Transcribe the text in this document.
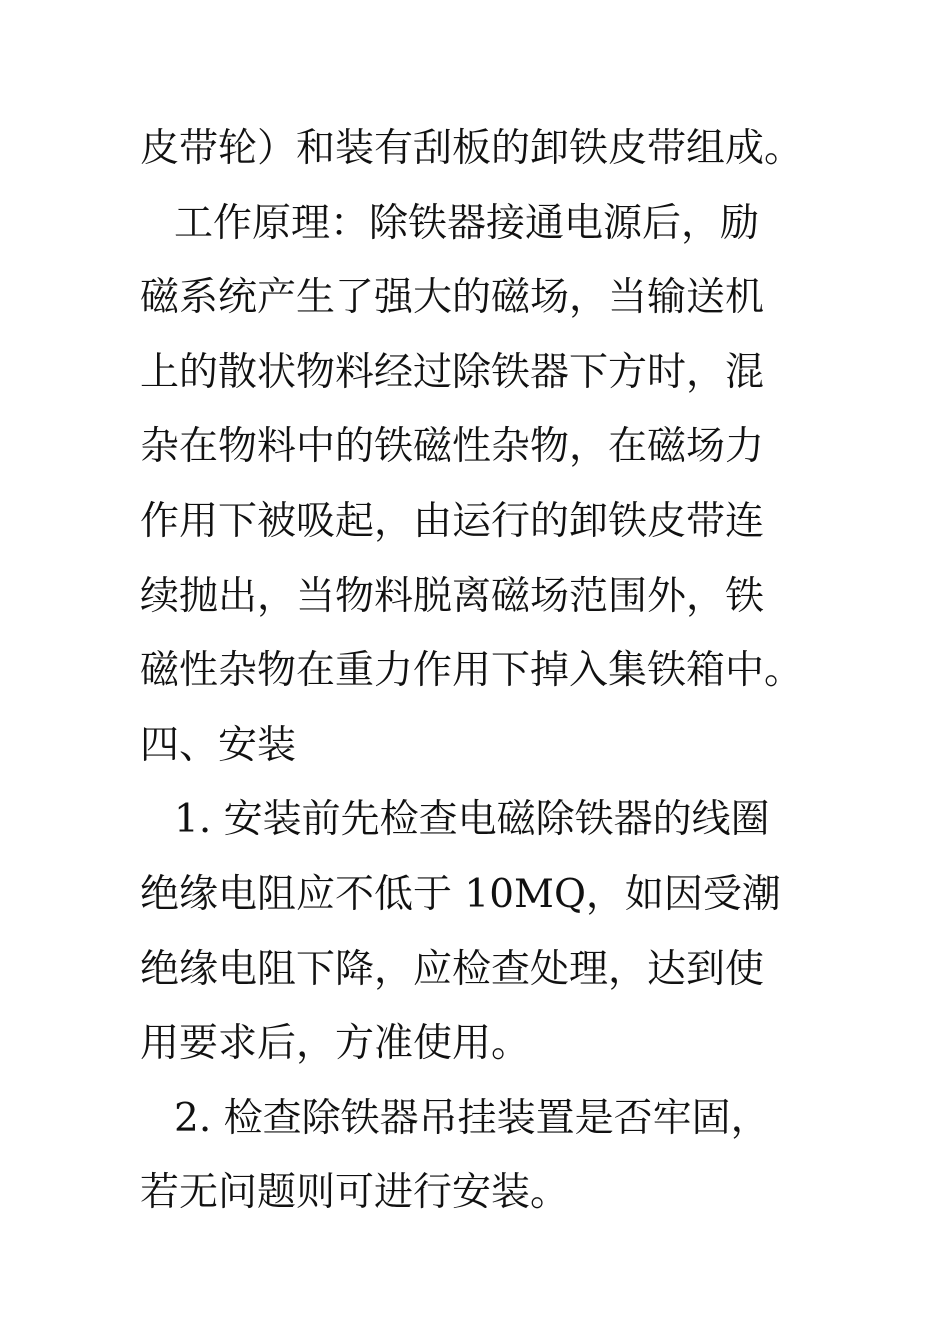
皮带轮）和装有刮板的卸铁皮带组成。
工作原理：除铁器接通电源后，励
磁系统产生了强大的磁场，当输送机
上的散状物料经过除铁器下方时，混
杂在物料中的铁磁性杂物，在磁场力
作用下被吸起，由运行的卸铁皮带连
续抛出，当物料脱离磁场范围外，铁
磁性杂物在重力作用下掉入集铁箱中。
四、安装
1. 安装前先检查电磁除铁器的线圈
绝缘电阻应不低于 10MQ，如因受潮
绝缘电阻下降，应检查处理，达到使
用要求后，方准使用。
2. 检查除铁器吊挂装置是否牢固，
若无问题则可进行安装。
